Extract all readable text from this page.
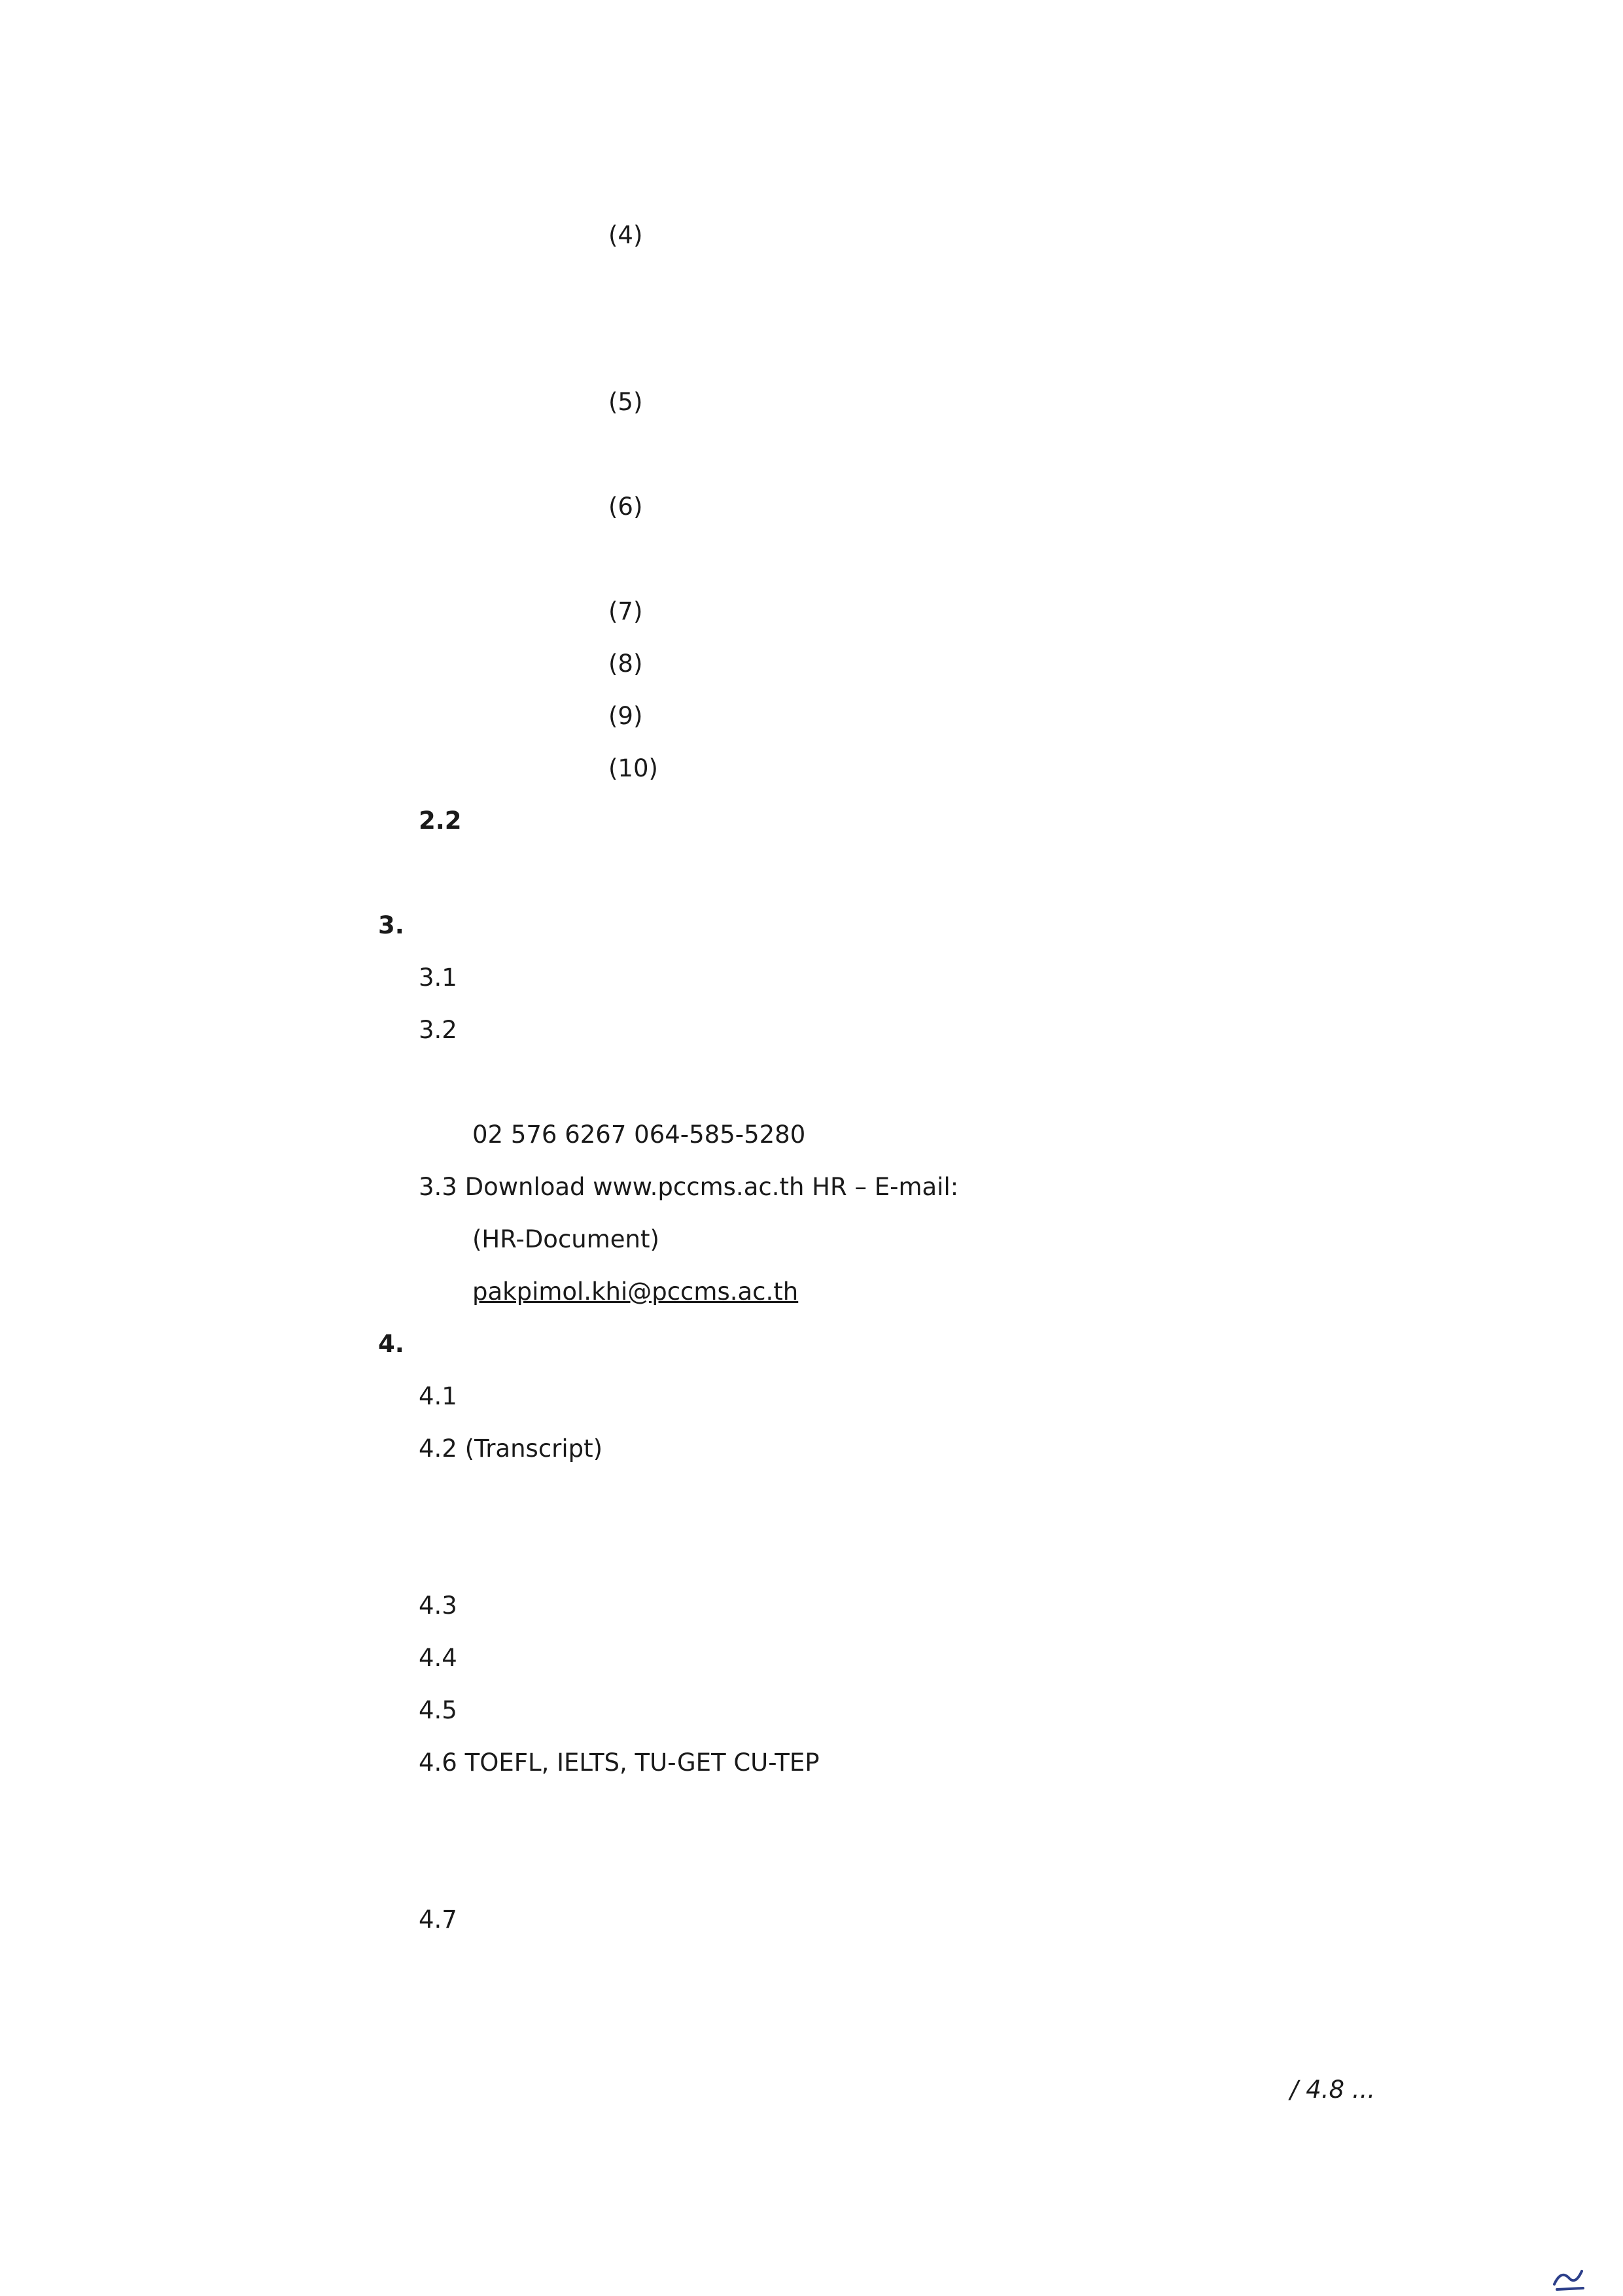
(4)
(5)
(6)
(7)
(8)
(9)
(10)
2.2
3.
3.1
3.2
02 576 6267 064-585-5280
3.3 Download www.pccms.ac.th HR – E-mail:
(HR-Document)
pakpimol.khi@pccms.ac.th
4.
4.1
4.2 (Transcript)
4.3
4.4
4.5
4.6 TOEFL, IELTS, TU-GET CU-TEP
4.7
/ 4.8 ...
